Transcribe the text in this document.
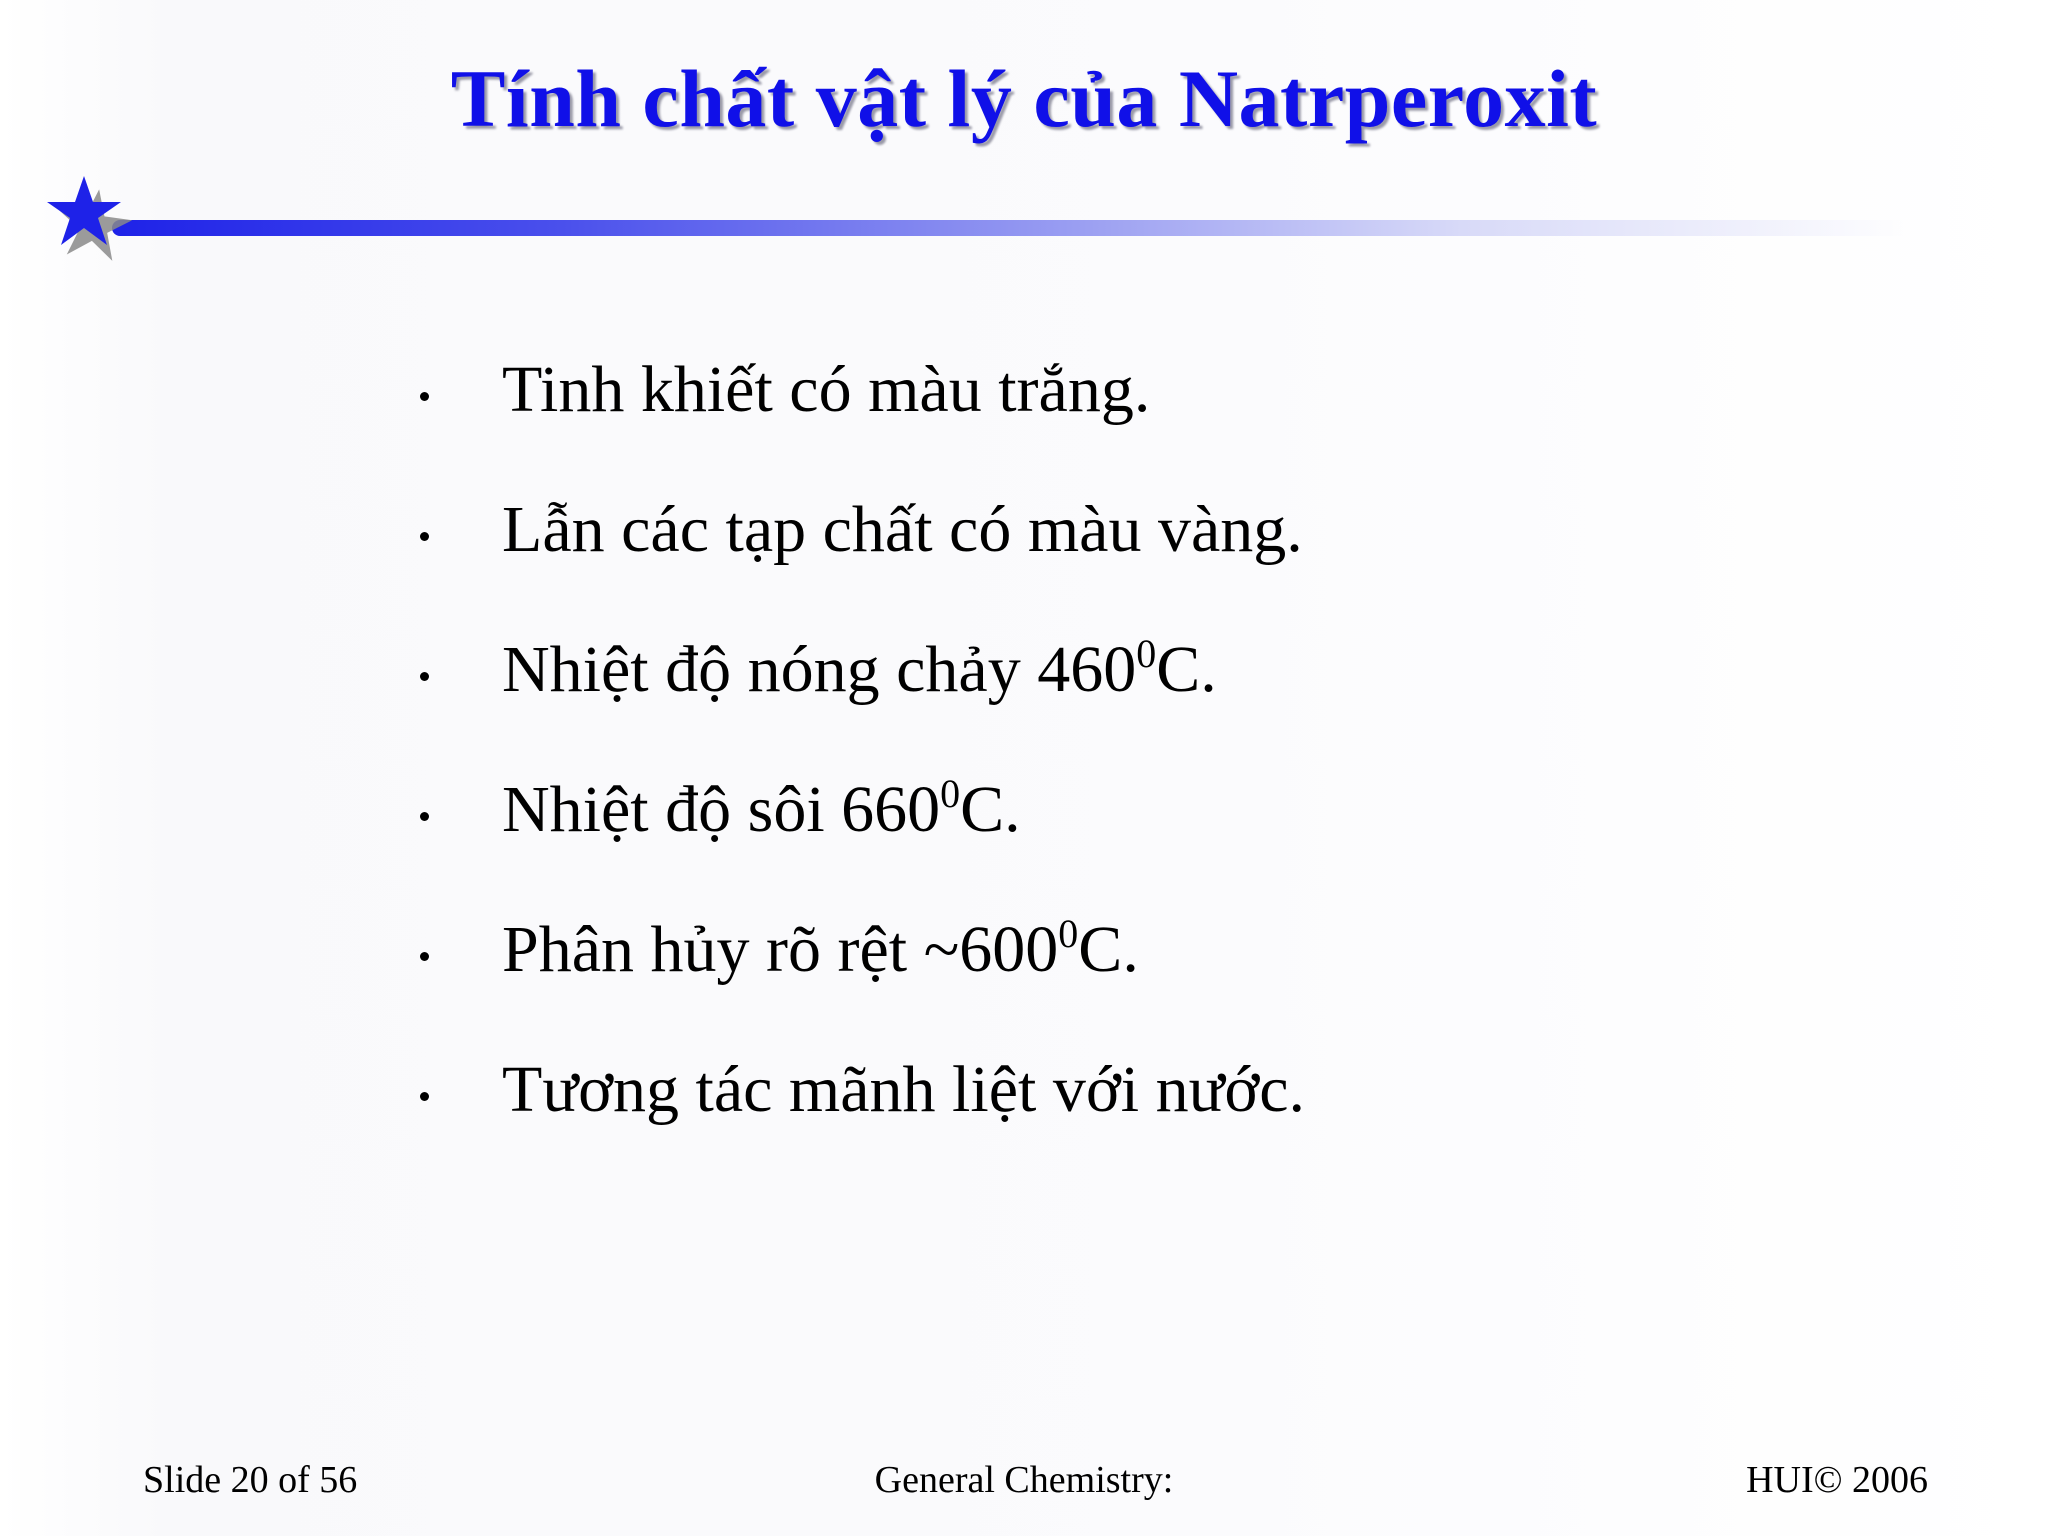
Tính chất vật lý của Natrperoxit
Tinh khiết có màu trắng.
Lẫn các tạp chất có màu vàng.
Nhiệt độ nóng chảy $460^0C$.
Nhiệt độ sôi $660^0C$.
Phân hủy rõ rệt $\sim 600^0C$.
Tương tác mãnh liệt với nước.
Slide 20 of 56	General Chemistry:	HUI© 2006
